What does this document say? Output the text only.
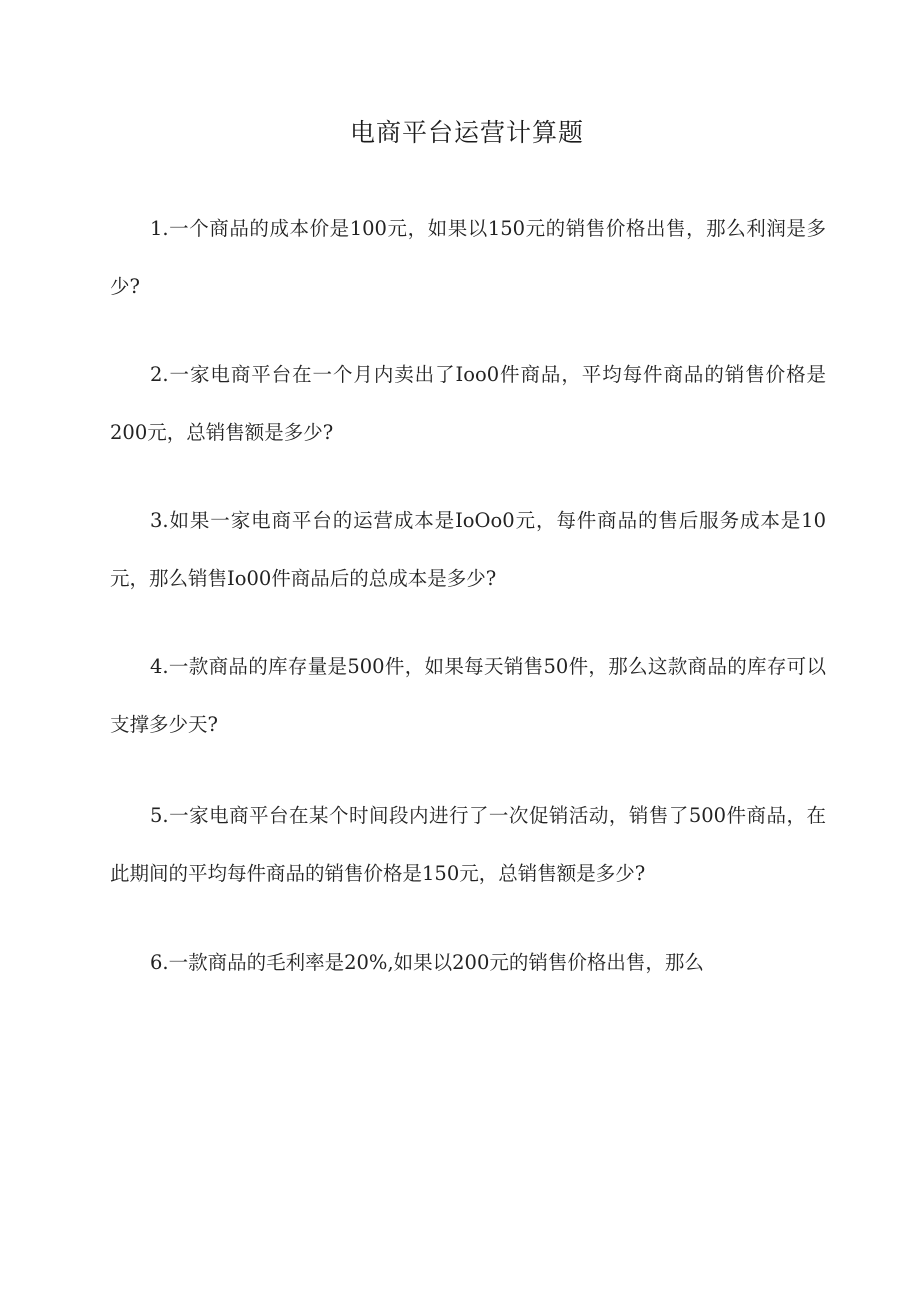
电商平台运营计算题

1.一个商品的成本价是100元，如果以150元的销售价格出售，那么利润是多少?

2.一家电商平台在一个月内卖出了Ioo0件商品，平均每件商品的销售价格是200元，总销售额是多少?

3.如果一家电商平台的运营成本是IoOo0元，每件商品的售后服务成本是10元，那么销售Io00件商品后的总成本是多少?

4.一款商品的库存量是500件，如果每天销售50件，那么这款商品的库存可以支撑多少天?

5.一家电商平台在某个时间段内进行了一次促销活动，销售了500件商品，在此期间的平均每件商品的销售价格是150元，总销售额是多少?

6.一款商品的毛利率是20%,如果以200元的销售价格出售，那么
